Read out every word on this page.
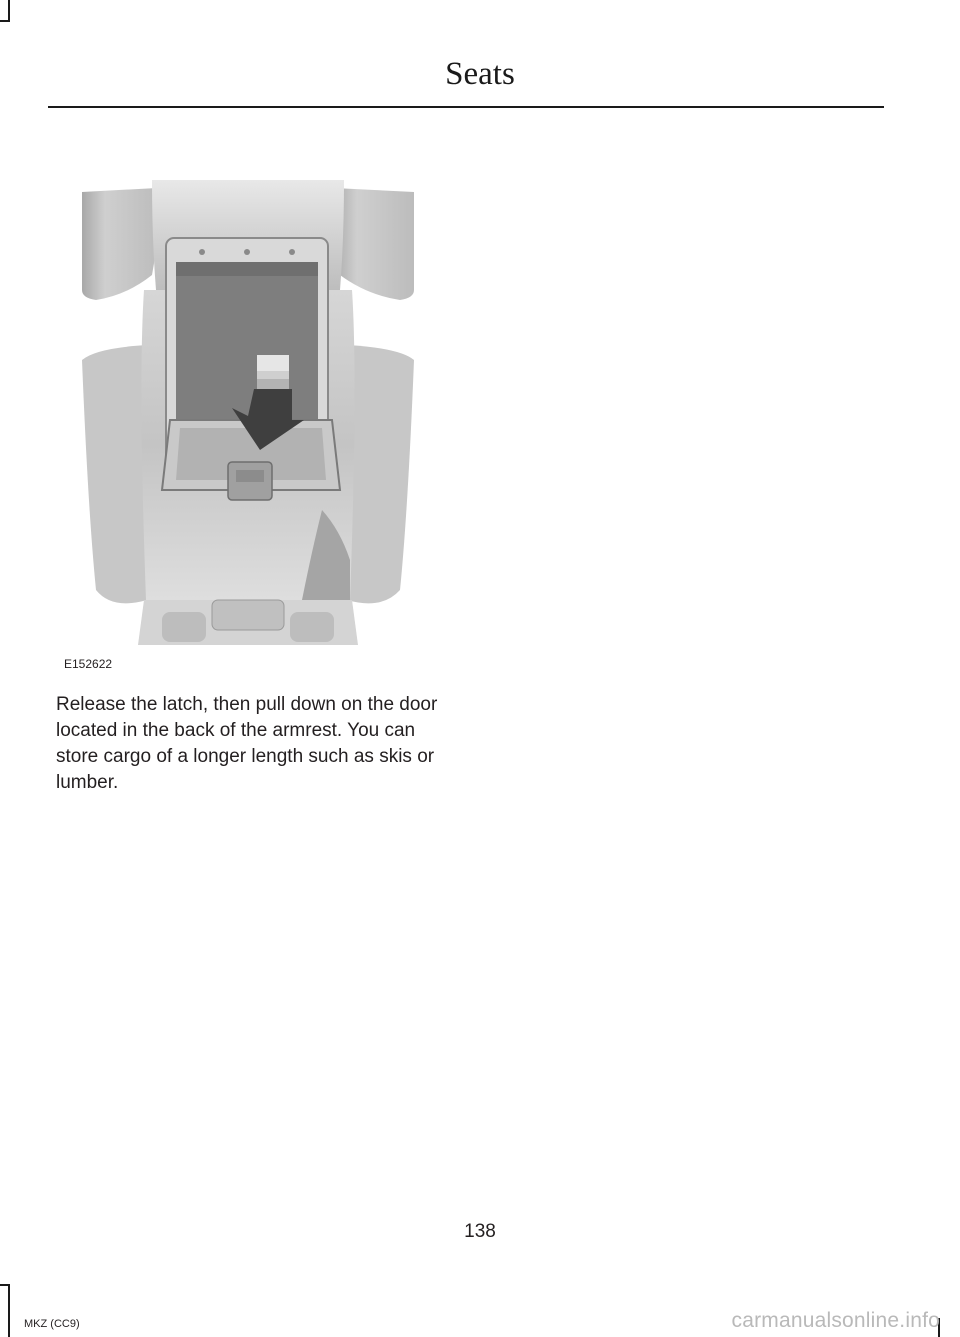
Seats
E152622

Release the latch, then pull down on the door located in the back of the armrest. You can store cargo of a longer length such as skis or lumber.

138
MKZ (CC9)	carmanualsonline.info
